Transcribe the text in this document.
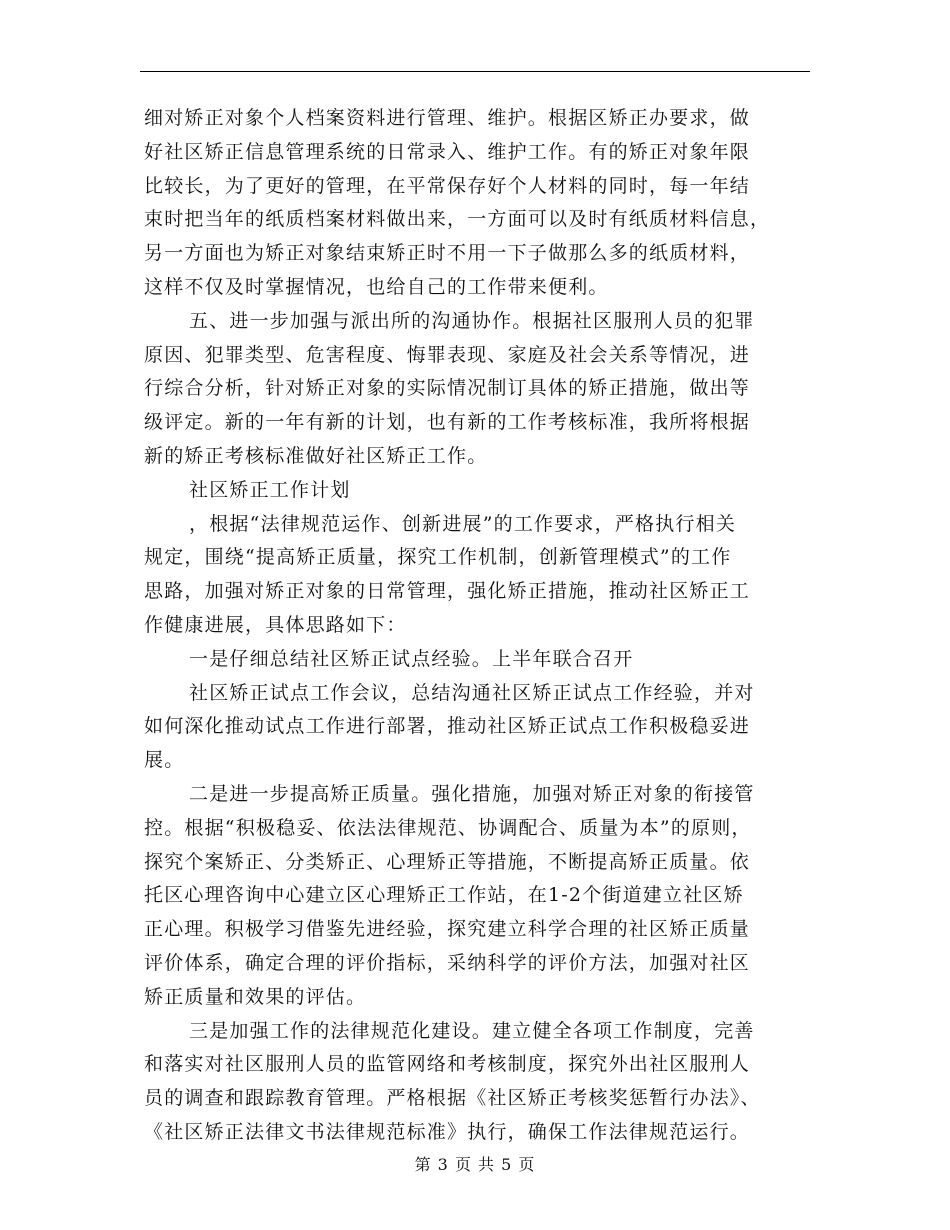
细对矫正对象个人档案资料进行管理、维护。根据区矫正办要求，做
好社区矫正信息管理系统的日常录入、维护工作。有的矫正对象年限
比较长，为了更好的管理，在平常保存好个人材料的同时，每一年结
束时把当年的纸质档案材料做出来，一方面可以及时有纸质材料信息，
另一方面也为矫正对象结束矫正时不用一下子做那么多的纸质材料，
这样不仅及时掌握情况，也给自己的工作带来便利。
五、进一步加强与派出所的沟通协作。根据社区服刑人员的犯罪
原因、犯罪类型、危害程度、悔罪表现、家庭及社会关系等情况，进
行综合分析，针对矫正对象的实际情况制订具体的矫正措施，做出等
级评定。新的一年有新的计划，也有新的工作考核标准，我所将根据
新的矫正考核标准做好社区矫正工作。
社区矫正工作计划
，根据“法律规范运作、创新进展”的工作要求，严格执行相关
规定，围绕“提高矫正质量，探究工作机制，创新管理模式”的工作
思路，加强对矫正对象的日常管理，强化矫正措施，推动社区矫正工
作健康进展，具体思路如下：
一是仔细总结社区矫正试点经验。上半年联合召开
社区矫正试点工作会议，总结沟通社区矫正试点工作经验，并对
如何深化推动试点工作进行部署，推动社区矫正试点工作积极稳妥进
展。
二是进一步提高矫正质量。强化措施，加强对矫正对象的衔接管
控。根据“积极稳妥、依法法律规范、协调配合、质量为本”的原则，
探究个案矫正、分类矫正、心理矫正等措施，不断提高矫正质量。依
托区心理咨询中心建立区心理矫正工作站，在1-2个街道建立社区矫
正心理。积极学习借鉴先进经验，探究建立科学合理的社区矫正质量
评价体系，确定合理的评价指标，采纳科学的评价方法，加强对社区
矫正质量和效果的评估。
三是加强工作的法律规范化建设。建立健全各项工作制度，完善
和落实对社区服刑人员的监管网络和考核制度，探究外出社区服刑人
员的调查和跟踪教育管理。严格根据《社区矫正考核奖惩暂行办法》、
《社区矫正法律文书法律规范标准》执行，确保工作法律规范运行。
第 3 页 共 5 页
